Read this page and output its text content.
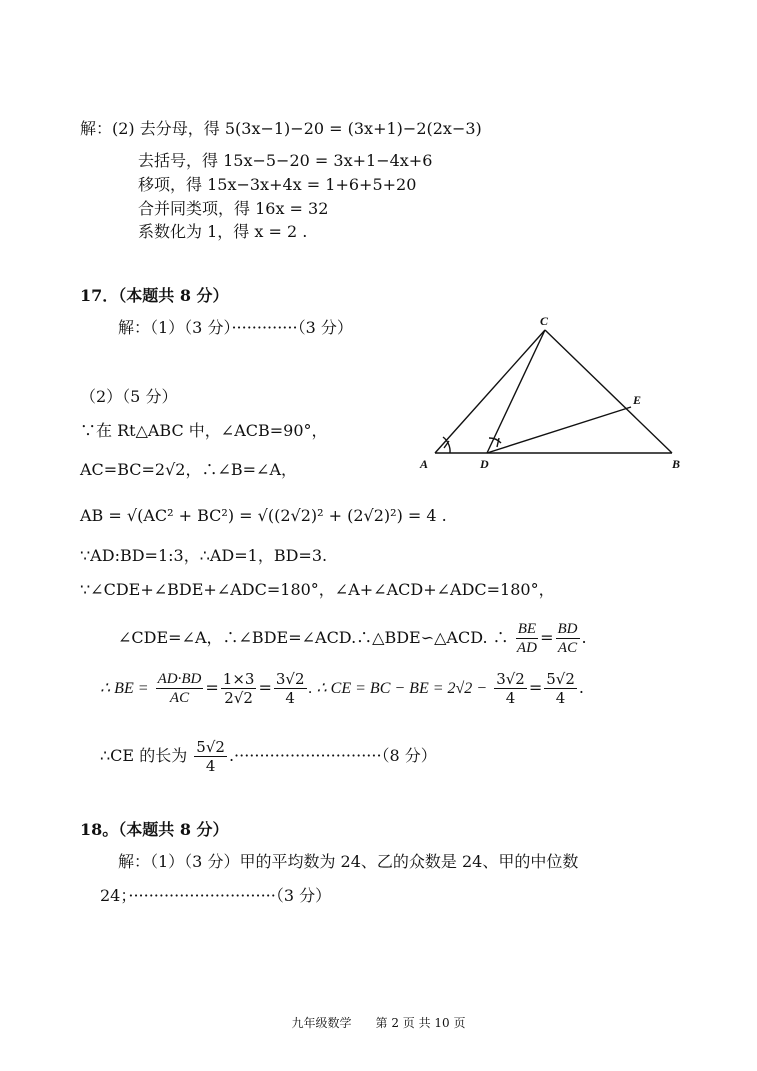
解：(2) 去分母，得 5(3x−1)−20 = (3x+1)−2(2x−3)
去括号，得 15x−5−20 = 3x+1−4x+6
移项，得 15x−3x+4x = 1+6+5+20
合并同类项，得 16x = 32
系数化为 1，得 x = 2 .
17．（本题共 8 分）
解：（1）（3 分）·············（3 分）
（2）（5 分）
∵在 Rt△ABC 中，∠ACB=90°，
AC=BC=2√2，∴∠B=∠A，
AB = √(AC² + BC²) = √((2√2)² + (2√2)²) = 4 .
∵AD:BD=1:3，∴AD=1，BD=3.
∵∠CDE+∠BDE+∠ADC=180°，∠A+∠ACD+∠ADC=180°，
∠CDE=∠A，∴∠BDE=∠ACD.∴△BDE∽△ACD. ∴ $\frac{BE}{AD} = \frac{BD}{AC}$ .
∴ BE = $\frac{AD\cdot BD}{AC} = \frac{1\times 3}{2√2} = \frac{3√2}{4}$ . ∴ CE = BC − BE = $2√2 - \frac{3√2}{4} = \frac{5√2}{4}$ .
∴CE 的长为 $\frac{5√2}{4} .\cdot\cdot\cdot\cdot\cdot\cdot\cdot\cdot\cdot\cdot\cdot\cdot\cdot\cdot\cdot\cdot\cdot\cdot\cdot\cdot\cdot\cdot\cdot\cdot\cdot\cdot\cdot\cdot\cdot(8$ 分）
C
E
A	D	B
18。（本题共 8 分）
解：（1）（3 分）甲的平均数为 24、乙的众数是 24、甲的中位数
24；·····························（3 分）
九年级数学　　第 2 页 共 10 页
